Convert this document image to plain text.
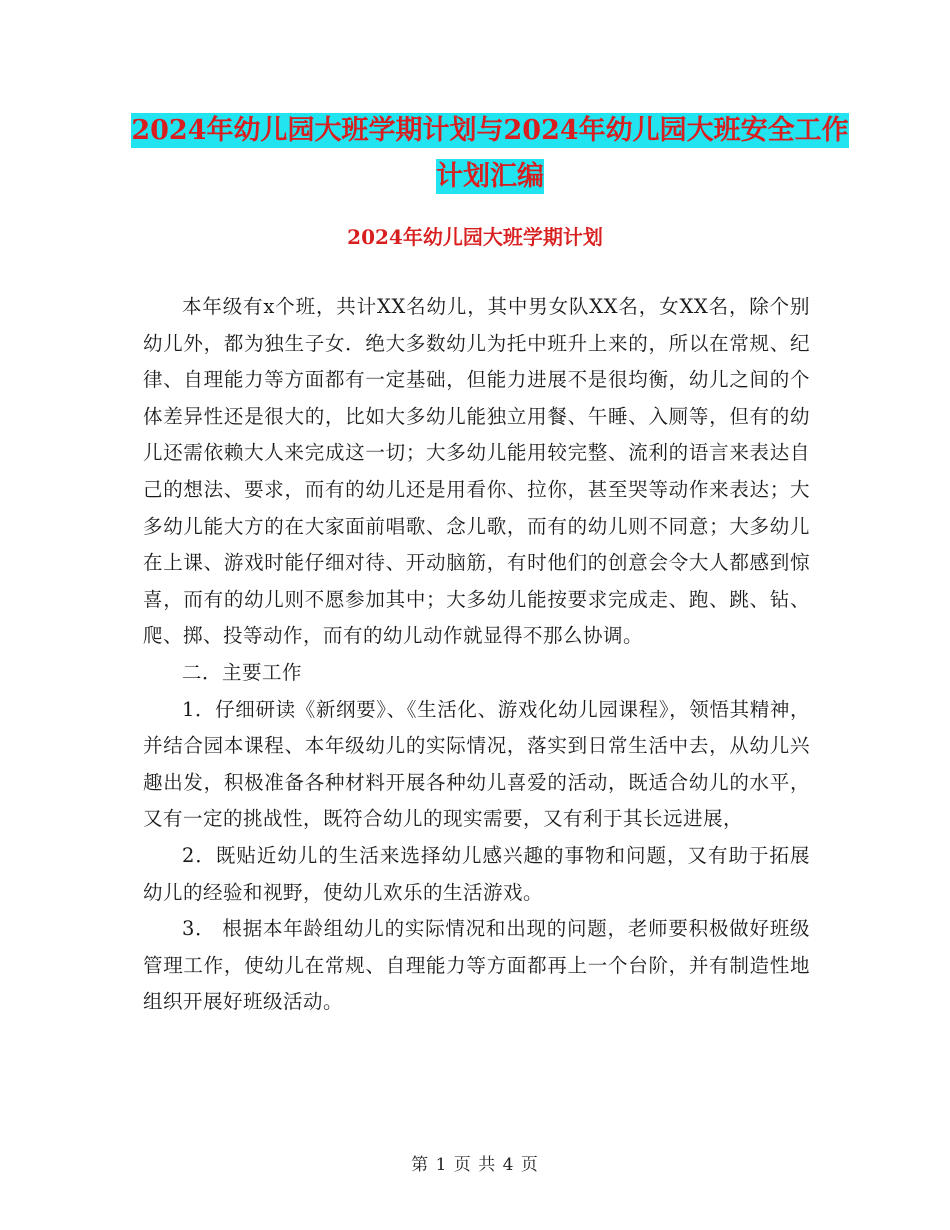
2024年幼儿园大班学期计划与2024年幼儿园大班安全工作计划汇编
2024年幼儿园大班学期计划

本年级有x个班，共计XX名幼儿，其中男女队XX名，女XX名，除个别幼儿外，都为独生子女．绝大多数幼儿为托中班升上来的，所以在常规、纪律、自理能力等方面都有一定基础，但能力进展不是很均衡，幼儿之间的个体差异性还是很大的，比如大多幼儿能独立用餐、午睡、入厕等，但有的幼儿还需依赖大人来完成这一切；大多幼儿能用较完整、流利的语言来表达自己的想法、要求，而有的幼儿还是用看你、拉你，甚至哭等动作来表达；大多幼儿能大方的在大家面前唱歌、念儿歌，而有的幼儿则不同意；大多幼儿在上课、游戏时能仔细对待、开动脑筋，有时他们的创意会令大人都感到惊喜，而有的幼儿则不愿参加其中；大多幼儿能按要求完成走、跑、跳、钻、爬、掷、投等动作，而有的幼儿动作就显得不那么协调。

二．主要工作

1．仔细研读《新纲要》、《生活化、游戏化幼儿园课程》，领悟其精神，并结合园本课程、本年级幼儿的实际情况，落实到日常生活中去，从幼儿兴趣出发，积极准备各种材料开展各种幼儿喜爱的活动，既适合幼儿的水平，又有一定的挑战性，既符合幼儿的现实需要，又有利于其长远进展，

2．既贴近幼儿的生活来选择幼儿感兴趣的事物和问题，又有助于拓展幼儿的经验和视野，使幼儿欢乐的生活游戏。

3． 根据本年龄组幼儿的实际情况和出现的问题，老师要积极做好班级管理工作，使幼儿在常规、自理能力等方面都再上一个台阶，并有制造性地组织开展好班级活动。

第 1 页 共 4 页
